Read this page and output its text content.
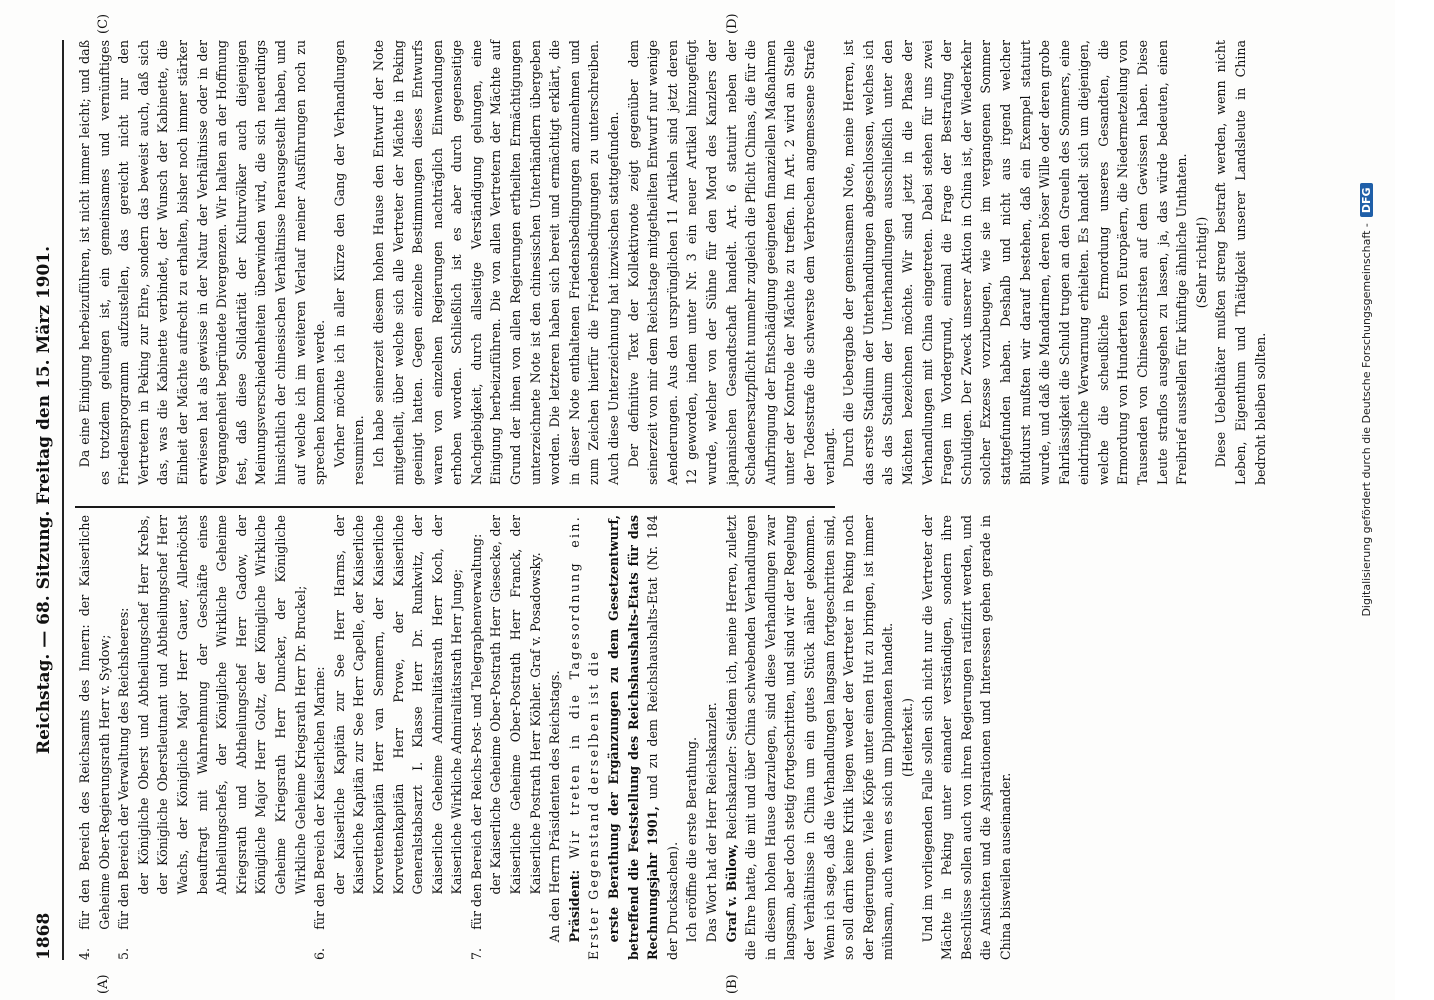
1868
Reichstag. — 68. Sitzung. Freitag den 15. März 1901.
(A)	(B)
(C)	(D)

4.
für den Bereich des Reichsamts des Innern: der Kaiserliche Geheime Ober-Regierungsrath Herr v. Sydow;

5.
für den Bereich der Verwaltung des Reichsheeres: der Königliche Oberst und Abtheilungschef Herr Krebs, der Königliche Oberstleutnant und Abtheilungschef Herr Wachs, der Königliche Major Herr Gauer, Allerhöchst beauftragt mit Wahrnehmung der Geschäfte eines Abtheilungschefs, der Königliche Wirkliche Geheime Kriegsrath und Abtheilungschef Herr Gadow, der Königliche Major Herr Goltz, der Königliche Wirkliche Geheime Kriegsrath Herr Duncker, der Königliche Wirkliche Geheime Kriegsrath Herr Dr. Bruckel;

6.
für den Bereich der Kaiserlichen Marine: der Kaiserliche Kapitän zur See Herr Harms, der Kaiserliche Kapitän zur See Herr Capelle, der Kaiserliche Korvettenkapitän Herr van Semmern, der Kaiserliche Korvettenkapitän Herr Prowe, der Kaiserliche Generalstabsarzt I. Klasse Herr Dr. Runkwitz, der Kaiserliche Geheime Admiralitätsrath Herr Koch, der Kaiserliche Wirkliche Admiralitätsrath Herr Junge;

7.
für den Bereich der Reichs-Post- und Telegraphenverwaltung: der Kaiserliche Geheime Ober-Postrath Herr Giesecke, der Kaiserliche Geheime Ober-Postrath Herr Franck, der Kaiserliche Postrath Herr Köhler. Graf v. Posadowsky. An den Herrn Präsidenten des Reichstags. Präsident: Wir treten in die Tagesordnung ein. Erster Gegenstand derselben ist die erste Berathung der Ergänzungen zu dem Gesetzentwurf, betreffend die Feststellung des Reichshaushalts-Etats für das Rechnungsjahr 1901, und zu dem Reichshaushalts-Etat (Nr. 184 der Drucksachen). Ich eröffne die erste Berathung. Das Wort hat der Herr Reichskanzler. Graf v. Bülow, Reichskanzler: Seitdem ich, meine Herren, zuletzt die Ehre hatte, die mit und über China schwebenden Verhandlungen in diesem hohen Hause darzulegen, sind diese Verhandlungen zwar langsam, aber doch stetig fortgeschritten, und sind wir der Regelung der Verhältnisse in China um ein gutes Stück näher gekommen. Wenn ich sage, daß die Verhandlungen langsam fortgeschritten sind, so soll darin keine Kritik liegen weder der Vertreter in Peking noch der Regierungen. Viele Köpfe unter einen Hut zu bringen, ist immer mühsam, auch wenn es sich um Diplomaten handelt. (Heiterkeit.) Und im vorliegenden Falle sollen sich nicht nur die Vertreter der Mächte in Peking unter einander verständigen, sondern ihre Beschlüsse sollen auch von ihren Regierungen ratifizirt werden, und die Ansichten und die Aspirationen und Interessen gehen gerade in China bisweilen auseinander.

Da eine Einigung herbeizuführen, ist nicht immer leicht; und daß es trotzdem gelungen ist, ein gemeinsames und vernünftiges Friedensprogramm aufzustellen, das gereicht nicht nur den Vertretern in Peking zur Ehre, sondern das beweist auch, daß sich das, was die Kabinette verbindet, der Wunsch der Kabinette, die Einheit der Mächte aufrecht zu erhalten, bisher noch immer stärker erwiesen hat als gewisse in der Natur der Verhältnisse oder in der Vergangenheit begründete Divergenzen. Wir halten an der Hoffnung fest, daß diese Solidarität der Kulturvölker auch diejenigen Meinungsverschiedenheiten überwinden wird, die sich neuerdings hinsichtlich der chinesischen Verhältnisse herausgestellt haben, und auf welche ich im weiteren Verlauf meiner Ausführungen noch zu sprechen kommen werde. Vorher möchte ich in aller Kürze den Gang der Verhandlungen resumiren. Ich habe seinerzeit diesem hohen Hause den Entwurf der Note mitgetheilt, über welche sich alle Vertreter der Mächte in Peking geeinigt hatten. Gegen einzelne Bestimmungen dieses Entwurfs waren von einzelnen Regierungen nachträglich Einwendungen erhoben worden. Schließlich ist es aber durch gegenseitige Nachgiebigkeit, durch allseitige Verständigung gelungen, eine Einigung herbeizuführen. Die von allen Vertretern der Mächte auf Grund der ihnen von allen Regierungen ertheilten Ermächtigungen unterzeichnete Note ist den chinesischen Unterhändlern übergeben worden. Die letzteren haben sich bereit und ermächtigt erklärt, die in dieser Note enthaltenen Friedensbedingungen anzunehmen und zum Zeichen hierfür die Friedensbedingungen zu unterschreiben. Auch diese Unterzeichnung hat inzwischen stattgefunden. Der definitive Text der Kollektivnote zeigt gegenüber dem seinerzeit von mir dem Reichstage mitgetheilten Entwurf nur wenige Aenderungen. Aus den ursprünglichen 11 Artikeln sind jetzt deren 12 geworden, indem unter Nr. 3 ein neuer Artikel hinzugefügt wurde, welcher von der Sühne für den Mord des Kanzlers der japanischen Gesandtschaft handelt. Art. 6 statuirt neben der Schadenersatzpflicht nunmehr zugleich die Pflicht Chinas, die für die Aufbringung der Entschädigung geeigneten finanziellen Maßnahmen unter der Kontrole der Mächte zu treffen. Im Art. 2 wird an Stelle der Todesstrafe die schwerste dem Verbrechen angemessene Strafe verlangt. Durch die Uebergabe der gemeinsamen Note, meine Herren, ist das erste Stadium der Unterhandlungen abgeschlossen, welches ich als das Stadium der Unterhandlungen ausschließlich unter den Mächten bezeichnen möchte. Wir sind jetzt in die Phase der Verhandlungen mit China eingetreten. Dabei stehen für uns zwei Fragen im Vordergrund, einmal die Frage der Bestrafung der Schuldigen. Der Zweck unserer Aktion in China ist, der Wiederkehr solcher Exzesse vorzubeugen, wie sie im vergangenen Sommer stattgefunden haben. Deshalb und nicht aus irgend welcher Blutdurst mußten wir darauf bestehen, daß ein Exempel statuirt wurde, und daß die Mandarinen, deren böser Wille oder deren grobe Fahrlässigkeit die Schuld trugen an den Greueln des Sommers, eine eindringliche Verwarnung erhielten. Es handelt sich um diejenigen, welche die scheußliche Ermordung unseres Gesandten, die Ermordung von Hunderten von Europäern, die Niedermetzelung von Tausenden von Chinesenchristen auf dem Gewissen haben. Diese Leute straflos ausgehen zu lassen, ja, das würde bedeuten, einen Freibrief ausstellen für künftige ähnliche Unthaten. (Sehr richtig!) Diese Uebelthäter mußten streng bestraft werden, wenn nicht Leben, Eigenthum und Thätigkeit unserer Landsleute in China bedroht bleiben sollten.	Digitalisierung gefördert durch die Deutsche Forschungsgemeinschaft -DFG
